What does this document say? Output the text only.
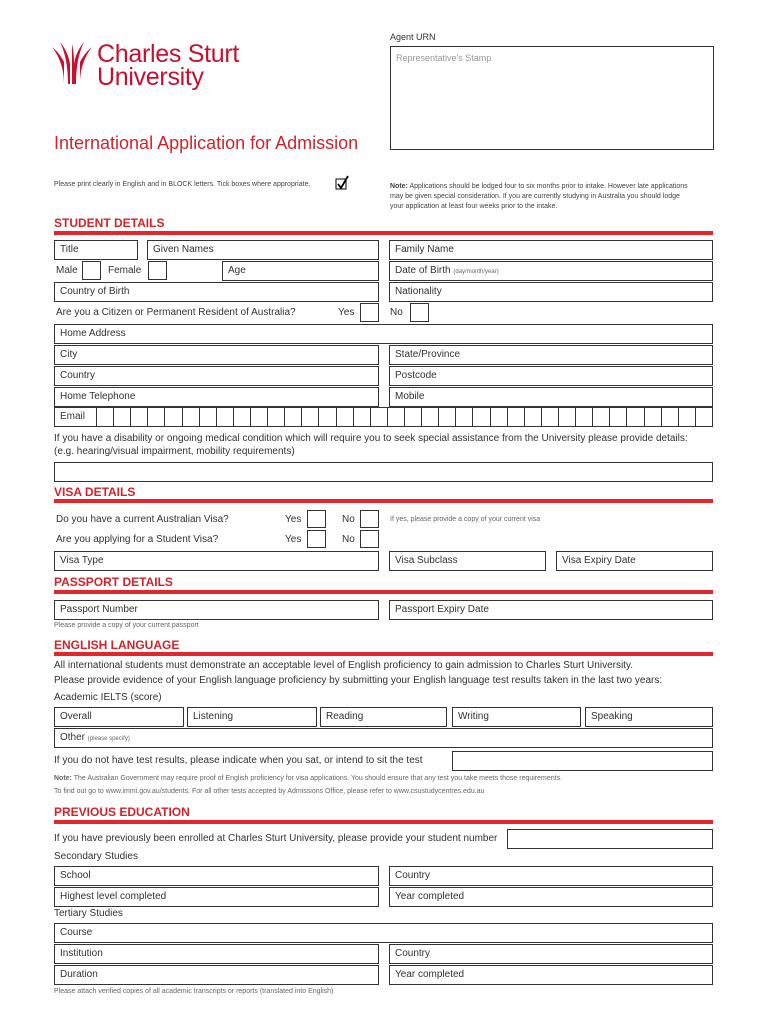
Charles Sturt
University
Agent URN
Representative's Stamp
International Application for Admission
Please print clearly in English and in BLOCK letters. Tick boxes where appropriate.	Note: Applications should be lodged four to six months prior to intake. However late applications
may be given special consideration. If you are currently studying in Australia you should lodge
your application at least four weeks prior to the intake.
STUDENT DETAILS
Title	Given Names	Family Name
Male	Female	Age	Date of Birth (day/month/year)
Country of Birth	Nationality
Are you a Citizen or Permanent Resident of Australia?	Yes	No
Home Address
City	State/Province
Country	Postcode
Home Telephone	Mobile
Email
If you have a disability or ongoing medical condition which will require you to seek special assistance from the University please provide details:
(e.g. hearing/visual impairment, mobility requirements)
VISA DETAILS
Do you have a current Australian Visa?	Yes	No	If yes, please provide a copy of your current visa
Are you applying for a Student Visa?	Yes	No
Visa Type	Visa Subclass	Visa Expiry Date
PASSPORT DETAILS
Passport Number	Passport Expiry Date
Please provide a copy of your current passport
ENGLISH LANGUAGE
All international students must demonstrate an acceptable level of English proficiency to gain admission to Charles Sturt University.
Please provide evidence of your English language proficiency by submitting your English language test results taken in the last two years:
Academic IELTS (score)
Overall	Listening	Reading	Writing	Speaking
Other (please specify)
If you do not have test results, please indicate when you sat, or intend to sit the test
Note: The Australian Government may require proof of English proficiency for visa applications. You should ensure that any test you take meets those requirements.
To find out go to www.immi.gov.au/students. For all other tests accepted by Admissions Office, please refer to www.csustudycentres.edu.au
PREVIOUS EDUCATION
If you have previously been enrolled at Charles Sturt University, please provide your student number
Secondary Studies
School	Country
Highest level completed	Year completed
Tertiary Studies
Course
Institution	Country
Duration	Year completed
Please attach verified copies of all academic transcripts or reports (translated into English)
